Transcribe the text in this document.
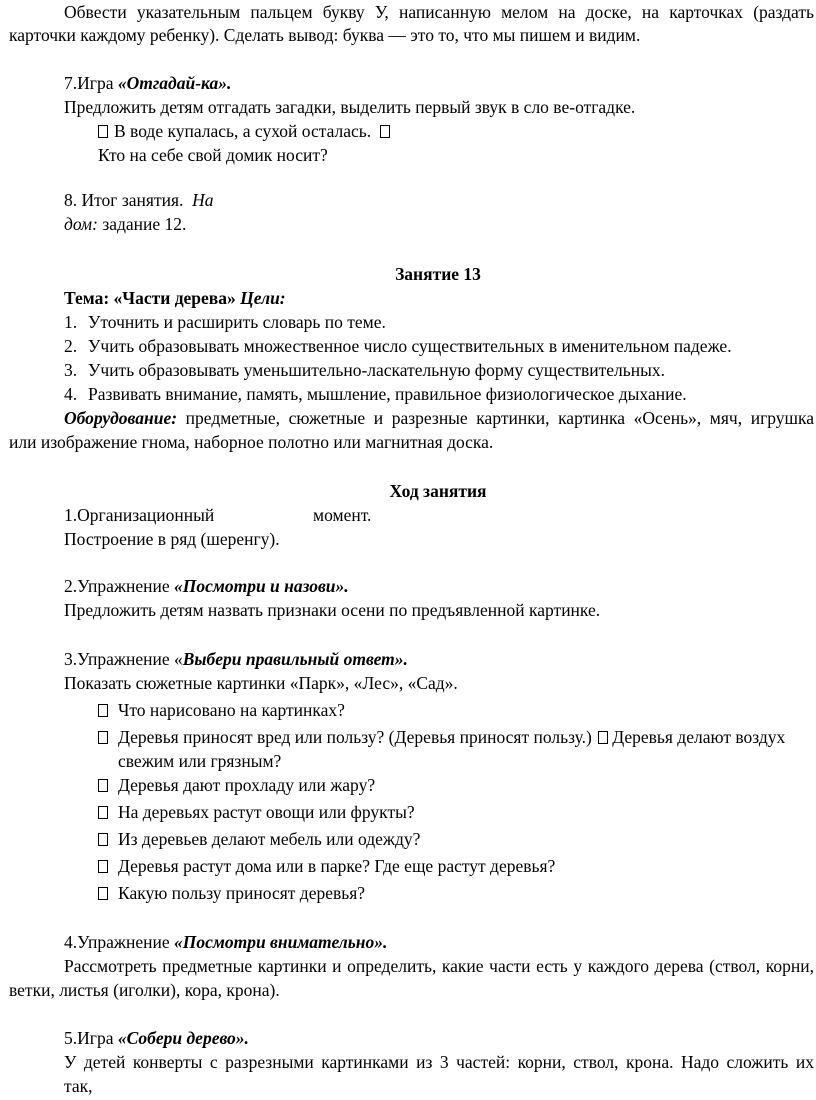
Обвести указательным пальцем букву У, написанную мелом на доске, на карточках (раздать
карточки каждому ребенку). Сделать вывод: буква — это то, что мы пишем и видим.
7.Игра «Отгадай-ка».
Предложить детям отгадать загадки, выделить первый звук в сло ве-отгадке.
В воде купалась, а сухой осталась.
Кто на себе свой домик носит?
8. Итог занятия. На
дом: задание 12.
Занятие 13
Тема: «Части дерева» Цели:
1. Уточнить и расширить словарь по теме.
2. Учить образовывать множественное число существительных в именительном падеже.
3. Учить образовывать уменьшительно-ласкательную форму существительных.
4. Развивать внимание, память, мышление, правильное физиологическое дыхание.
Оборудование: предметные, сюжетные и разрезные картинки, картинка «Осень», мяч, игрушка
или изображение гнома, наборное полотно или магнитная доска.
Ход занятия
1.Организационный	момент.
Построение в ряд (шеренгу).
2.Упражнение «Посмотри и назови».
Предложить детям назвать признаки осени по предъявленной картинке.
3.Упражнение «Выбери правильный ответ».
Показать сюжетные картинки «Парк», «Лес», «Сад».
Что нарисовано на картинках?
Деревья приносят вред или пользу? (Деревья приносят пользу.) Деревья делают воздух
свежим или грязным?
Деревья дают прохладу или жару?
На деревьях растут овощи или фрукты?
Из деревьев делают мебель или одежду?
Деревья растут дома или в парке? Где еще растут деревья?
Какую пользу приносят деревья?
4.Упражнение «Посмотри внимательно».
Рассмотреть предметные картинки и определить, какие части есть у каждого дерева (ствол, корни,
ветки, листья (иголки), кора, крона).
5.Игра «Собери дерево».
У детей конверты с разрезными картинками из 3 частей: корни, ствол, крона. Надо сложить их
так,
